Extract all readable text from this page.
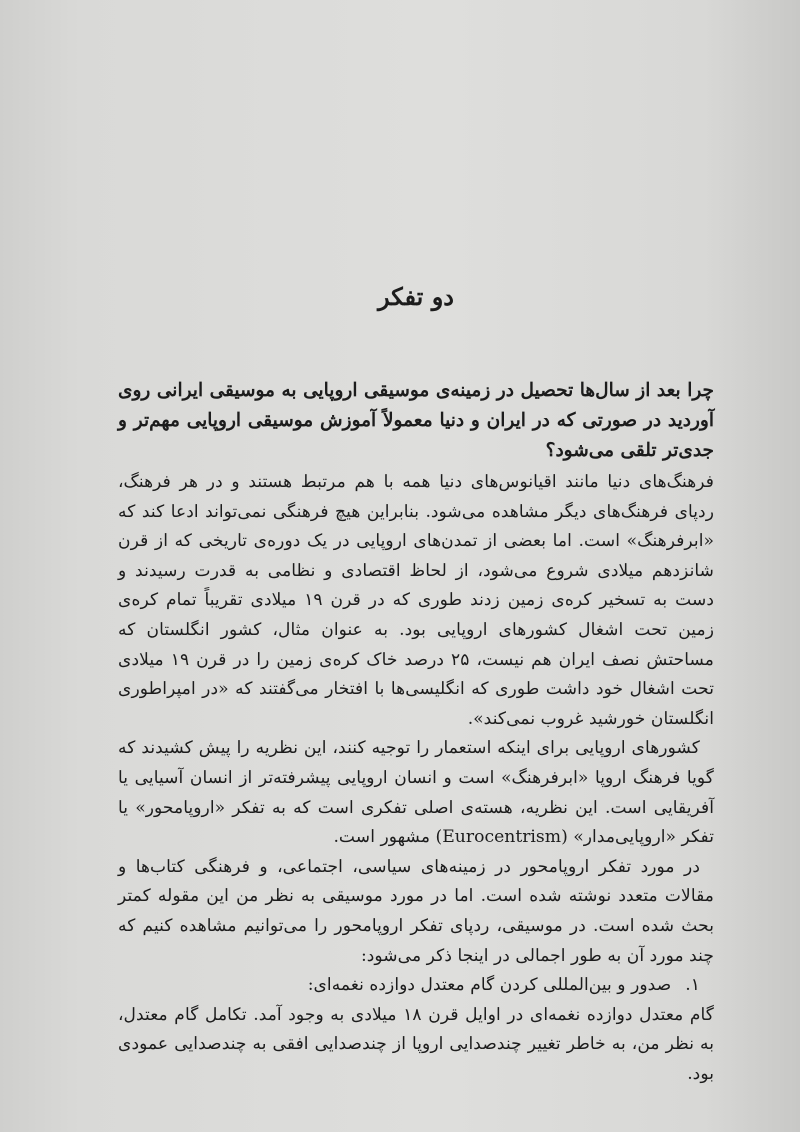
دو تفکر

چرا بعد از سال‌ها تحصیل در زمینه‌ی موسیقی اروپایی به موسیقی ایرانی روی آوردید در صورتی که در ایران و دنیا معمولاً آموزش موسیقی اروپایی مهم‌تر و جدی‌تر تلقی می‌شود؟

فرهنگ‌های دنیا مانند اقیانوس‌های دنیا همه با هم مرتبط هستند و در هر فرهنگ، ردپای فرهنگ‌های دیگر مشاهده می‌شود. بنابراین هیچ فرهنگی نمی‌تواند ادعا کند که «ابرفرهنگ» است. اما بعضی از تمدن‌های اروپایی در یک دوره‌ی تاریخی که از قرن شانزدهم میلادی شروع می‌شود، از لحاظ اقتصادی و نظامی به قدرت رسیدند و دست به تسخیر کره‌ی زمین زدند طوری که در قرن ۱۹ میلادی تقریباً تمام کره‌ی زمین تحت اشغال کشورهای اروپایی بود. به عنوان مثال، کشور انگلستان که مساحتش نصف ایران هم نیست، ۲۵ درصد خاک کره‌ی زمین را در قرن ۱۹ میلادی تحت اشغال خود داشت طوری که انگلیسی‌ها با افتخار می‌گفتند که «در امپراطوری انگلستان خورشید غروب نمی‌کند».

کشورهای اروپایی برای اینکه استعمار را توجیه کنند، این نظریه را پیش کشیدند که گویا فرهنگ اروپا «ابرفرهنگ» است و انسان اروپایی پیشرفته‌تر از انسان آسیایی یا آفریقایی است. این نظریه، هسته‌ی اصلی تفکری است که به تفکر «اروپامحور» یا تفکر «اروپایی‌مدار» (Eurocentrism) مشهور است.

در مورد تفکر اروپامحور در زمینه‌های سیاسی، اجتماعی، و فرهنگی کتاب‌ها و مقالات متعدد نوشته شده است. اما در مورد موسیقی به نظر من این مقوله کمتر بحث شده است. در موسیقی، ردپای تفکر اروپامحور را می‌توانیم مشاهده کنیم که چند مورد آن به طور اجمالی در اینجا ذکر می‌شود:

۱.صدور و بین‌المللی کردن گام معتدل دوازده نغمه‌ای:

گام معتدل دوازده نغمه‌ای در اوایل قرن ۱۸ میلادی به وجود آمد. تکامل گام معتدل، به نظر من، به خاطر تغییر چندصدایی اروپا از چندصدایی افقی به چندصدایی عمودی بود.
